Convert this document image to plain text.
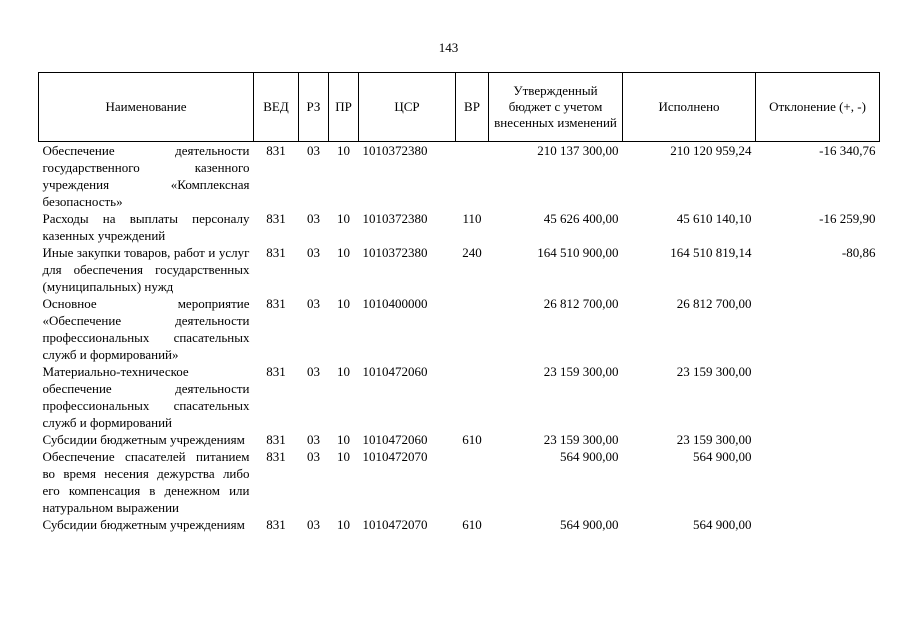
143
Наименование	ВЕД	РЗ	ПР	ЦСР	ВР	Утвержденный бюджет с учетом внесенных изменений	Исполнено	Отклонение (+, -)
Обеспечение деятельности государственного казенного учреждения «Комплексная безопасность»	831	03	10	1010372380		210 137 300,00	210 120 959,24	-16 340,76
Расходы на выплаты персоналу казенных учреждений	831	03	10	1010372380	110	45 626 400,00	45 610 140,10	-16 259,90
Иные закупки товаров, работ и услуг для обеспечения государственных (муниципальных) нужд	831	03	10	1010372380	240	164 510 900,00	164 510 819,14	-80,86
Основное мероприятие «Обеспечение деятельности профессиональных спасательных служб и формирований»	831	03	10	1010400000		26 812 700,00	26 812 700,00	
Материально-техническое обеспечение деятельности профессиональных спасательных служб и формирований	831	03	10	1010472060		23 159 300,00	23 159 300,00	
Субсидии бюджетным учреждениям	831	03	10	1010472060	610	23 159 300,00	23 159 300,00	
Обеспечение спасателей питанием во время несения дежурства либо его компенсация в денежном или натуральном выражении	831	03	10	1010472070		564 900,00	564 900,00	
Субсидии бюджетным учреждениям	831	03	10	1010472070	610	564 900,00	564 900,00	
